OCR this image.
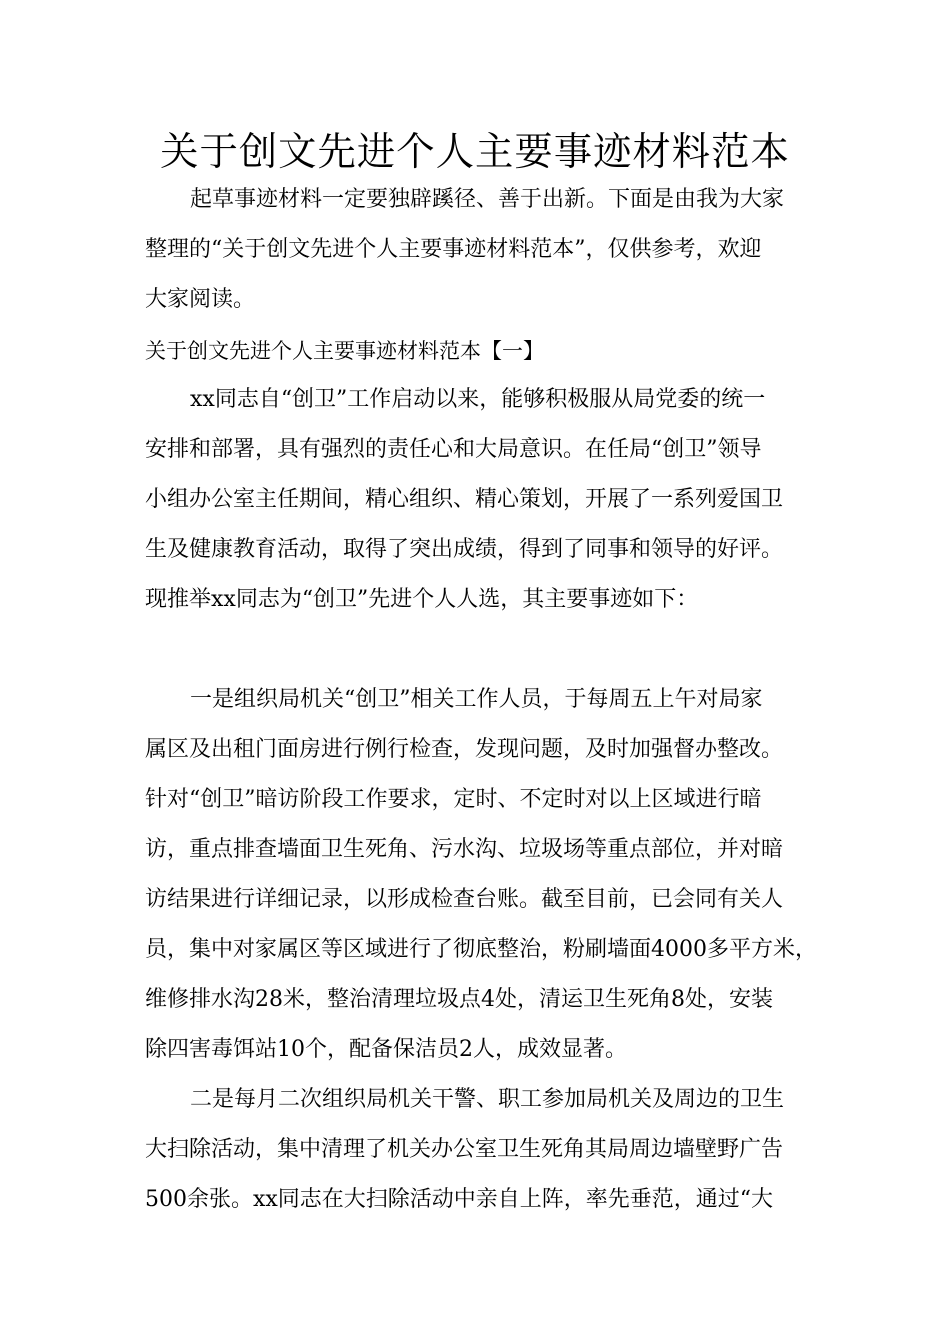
关于创文先进个人主要事迹材料范本
起草事迹材料一定要独辟蹊径、善于出新。下面是由我为大家
整理的“关于创文先进个人主要事迹材料范本”，仅供参考，欢迎
大家阅读。
关于创文先进个人主要事迹材料范本【一】
xx同志自“创卫”工作启动以来，能够积极服从局党委的统一
安排和部署，具有强烈的责任心和大局意识。在任局“创卫”领导
小组办公室主任期间，精心组织、精心策划，开展了一系列爱国卫
生及健康教育活动，取得了突出成绩，得到了同事和领导的好评。
现推举xx同志为“创卫”先进个人人选，其主要事迹如下：
一是组织局机关“创卫”相关工作人员，于每周五上午对局家
属区及出租门面房进行例行检查，发现问题，及时加强督办整改。
针对“创卫”暗访阶段工作要求，定时、不定时对以上区域进行暗
访，重点排查墙面卫生死角、污水沟、垃圾场等重点部位，并对暗
访结果进行详细记录，以形成检查台账。截至目前，已会同有关人
员，集中对家属区等区域进行了彻底整治，粉刷墙面4000多平方米，
维修排水沟28米，整治清理垃圾点4处，清运卫生死角8处，安装
除四害毒饵站10个，配备保洁员2人，成效显著。
二是每月二次组织局机关干警、职工参加局机关及周边的卫生
大扫除活动，集中清理了机关办公室卫生死角其局周边墙壁野广告
500余张。xx同志在大扫除活动中亲自上阵，率先垂范，通过“大
